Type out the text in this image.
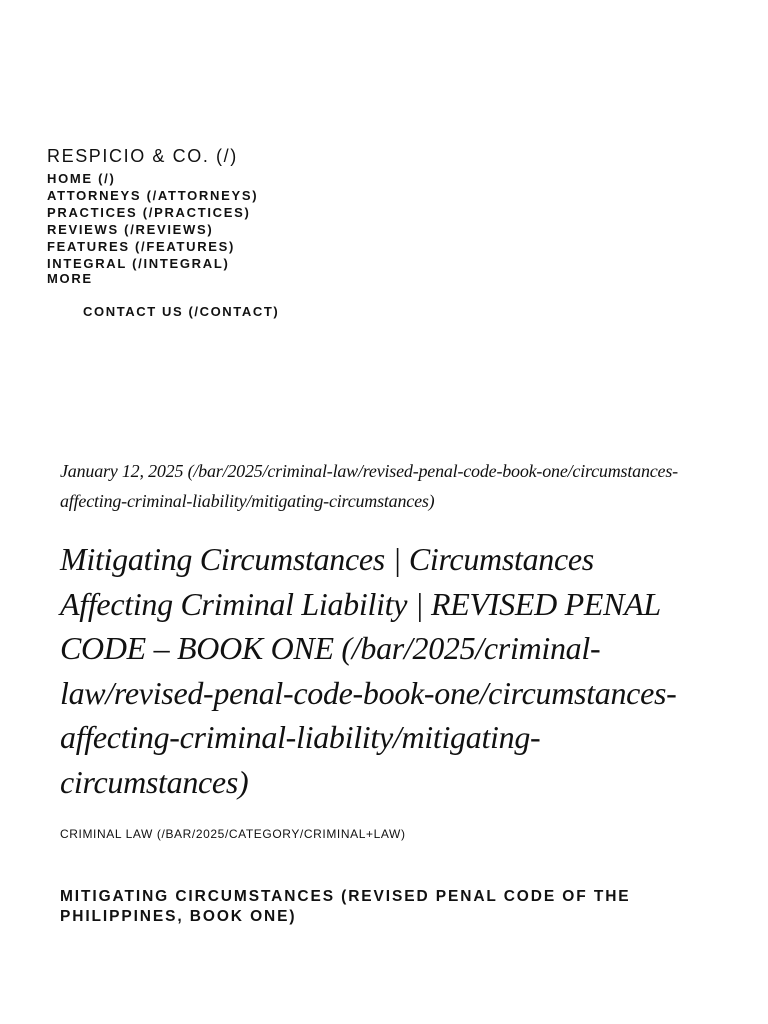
RESPICIO & CO. (/)
HOME (/)
ATTORNEYS (/ATTORNEYS)
PRACTICES (/PRACTICES)
REVIEWS (/REVIEWS)
FEATURES (/FEATURES)
INTEGRAL (/INTEGRAL)
MORE
CONTACT US (/CONTACT)
January 12, 2025 (/bar/2025/criminal-law/revised-penal-code-book-one/circumstances-affecting-criminal-liability/mitigating-circumstances)
Mitigating Circumstances | Circumstances Affecting Criminal Liability | REVISED PENAL CODE – BOOK ONE (/bar/2025/criminal-law/revised-penal-code-book-one/circumstances-affecting-criminal-liability/mitigating-circumstances)
CRIMINAL LAW (/BAR/2025/CATEGORY/CRIMINAL+LAW)
MITIGATING CIRCUMSTANCES (REVISED PENAL CODE OF THE PHILIPPINES, BOOK ONE)
